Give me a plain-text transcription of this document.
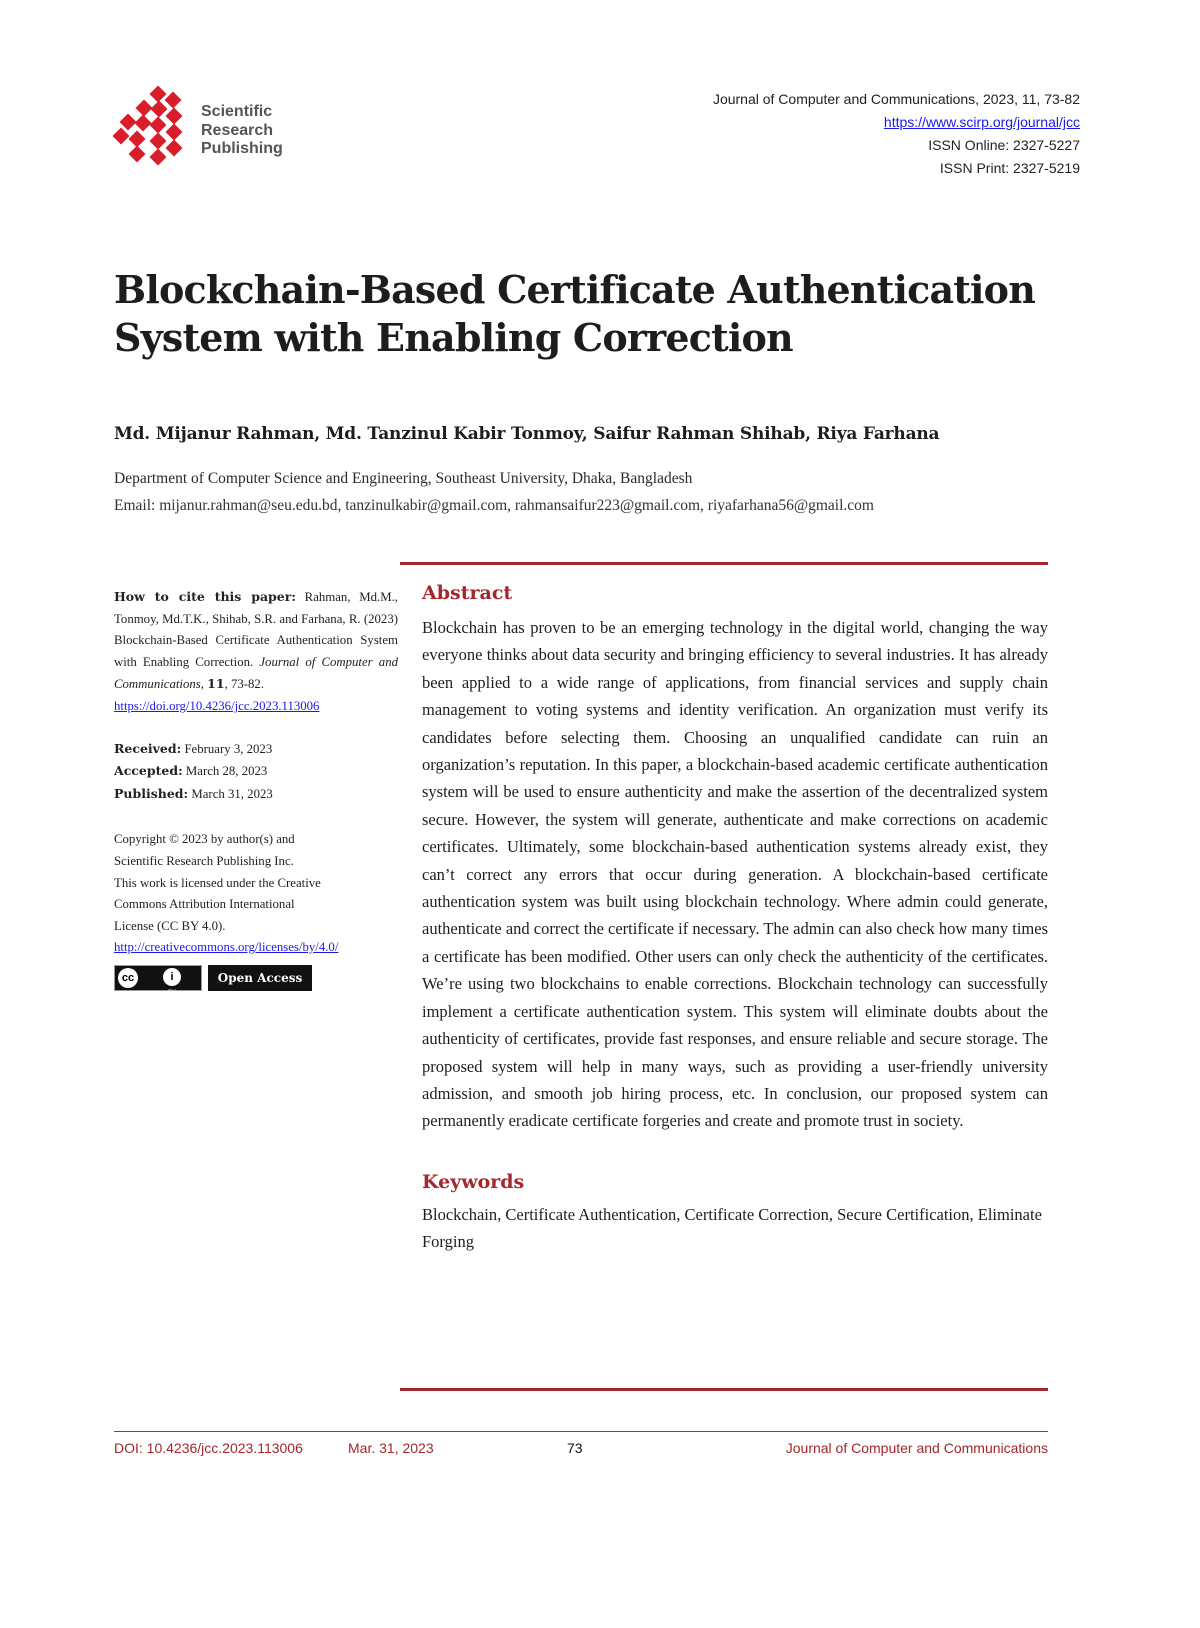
Scientific
Research
Publishing
Journal of Computer and Communications, 2023, 11, 73-82
https://www.scirp.org/journal/jcc
ISSN Online: 2327-5227
ISSN Print: 2327-5219
Blockchain-Based Certificate Authentication
System with Enabling Correction
Md. Mijanur Rahman, Md. Tanzinul Kabir Tonmoy, Saifur Rahman Shihab, Riya Farhana
Department of Computer Science and Engineering, Southeast University, Dhaka, Bangladesh
Email: mijanur.rahman@seu.edu.bd, tanzinulkabir@gmail.com, rahmansaifur223@gmail.com, riyafarhana56@gmail.com

How to cite this paper: Rahman, Md.M., Tonmoy, Md.T.K., Shihab, S.R. and Farhana, R. (2023) Blockchain-Based Certificate Authentication System with Enabling Correction. Journal of Computer and Communications, 11, 73-82.
https://doi.org/10.4236/jcc.2023.113006

Received: February 3, 2023
Accepted: March 28, 2023
Published: March 31, 2023
Copyright © 2023 by author(s) and
Scientific Research Publishing Inc.
This work is licensed under the Creative
Commons Attribution International
License (CC BY 4.0).
http://creativecommons.org/licenses/by/4.0/
cc	i
BY
Open Access
Abstract
Blockchain has proven to be an emerging technology in the digital world, changing the way everyone thinks about data security and bringing efficiency to several industries. It has already been applied to a wide range of applications, from financial services and supply chain management to voting systems and identity verification. An organization must verify its candidates before selecting them. Choosing an unqualified candidate can ruin an organization’s reputation. In this paper, a blockchain-based academic certificate authentication system will be used to ensure authenticity and make the assertion of the decentralized system secure. However, the system will generate, authenticate and make corrections on academic certificates. Ultimately, some blockchain-based authentication systems already exist, they can’t correct any errors that occur during generation. A blockchain-based certificate authentication system was built using blockchain technology. Where admin could generate, authenticate and correct the certificate if necessary. The admin can also check how many times a certificate has been modified. Other users can only check the authenticity of the certificates. We’re using two blockchains to enable corrections. Blockchain technology can successfully implement a certificate authentication system. This system will eliminate doubts about the authenticity of certificates, provide fast responses, and ensure reliable and secure storage. The proposed system will help in many ways, such as providing a user-friendly university admission, and smooth job hiring process, etc. In conclusion, our proposed system can permanently eradicate certificate forgeries and create and promote trust in society.
Keywords
Blockchain, Certificate Authentication, Certificate Correction, Secure Certification, Eliminate Forging
DOI: 10.4236/jcc.2023.113006	Mar. 31, 2023	73	Journal of Computer and Communications
